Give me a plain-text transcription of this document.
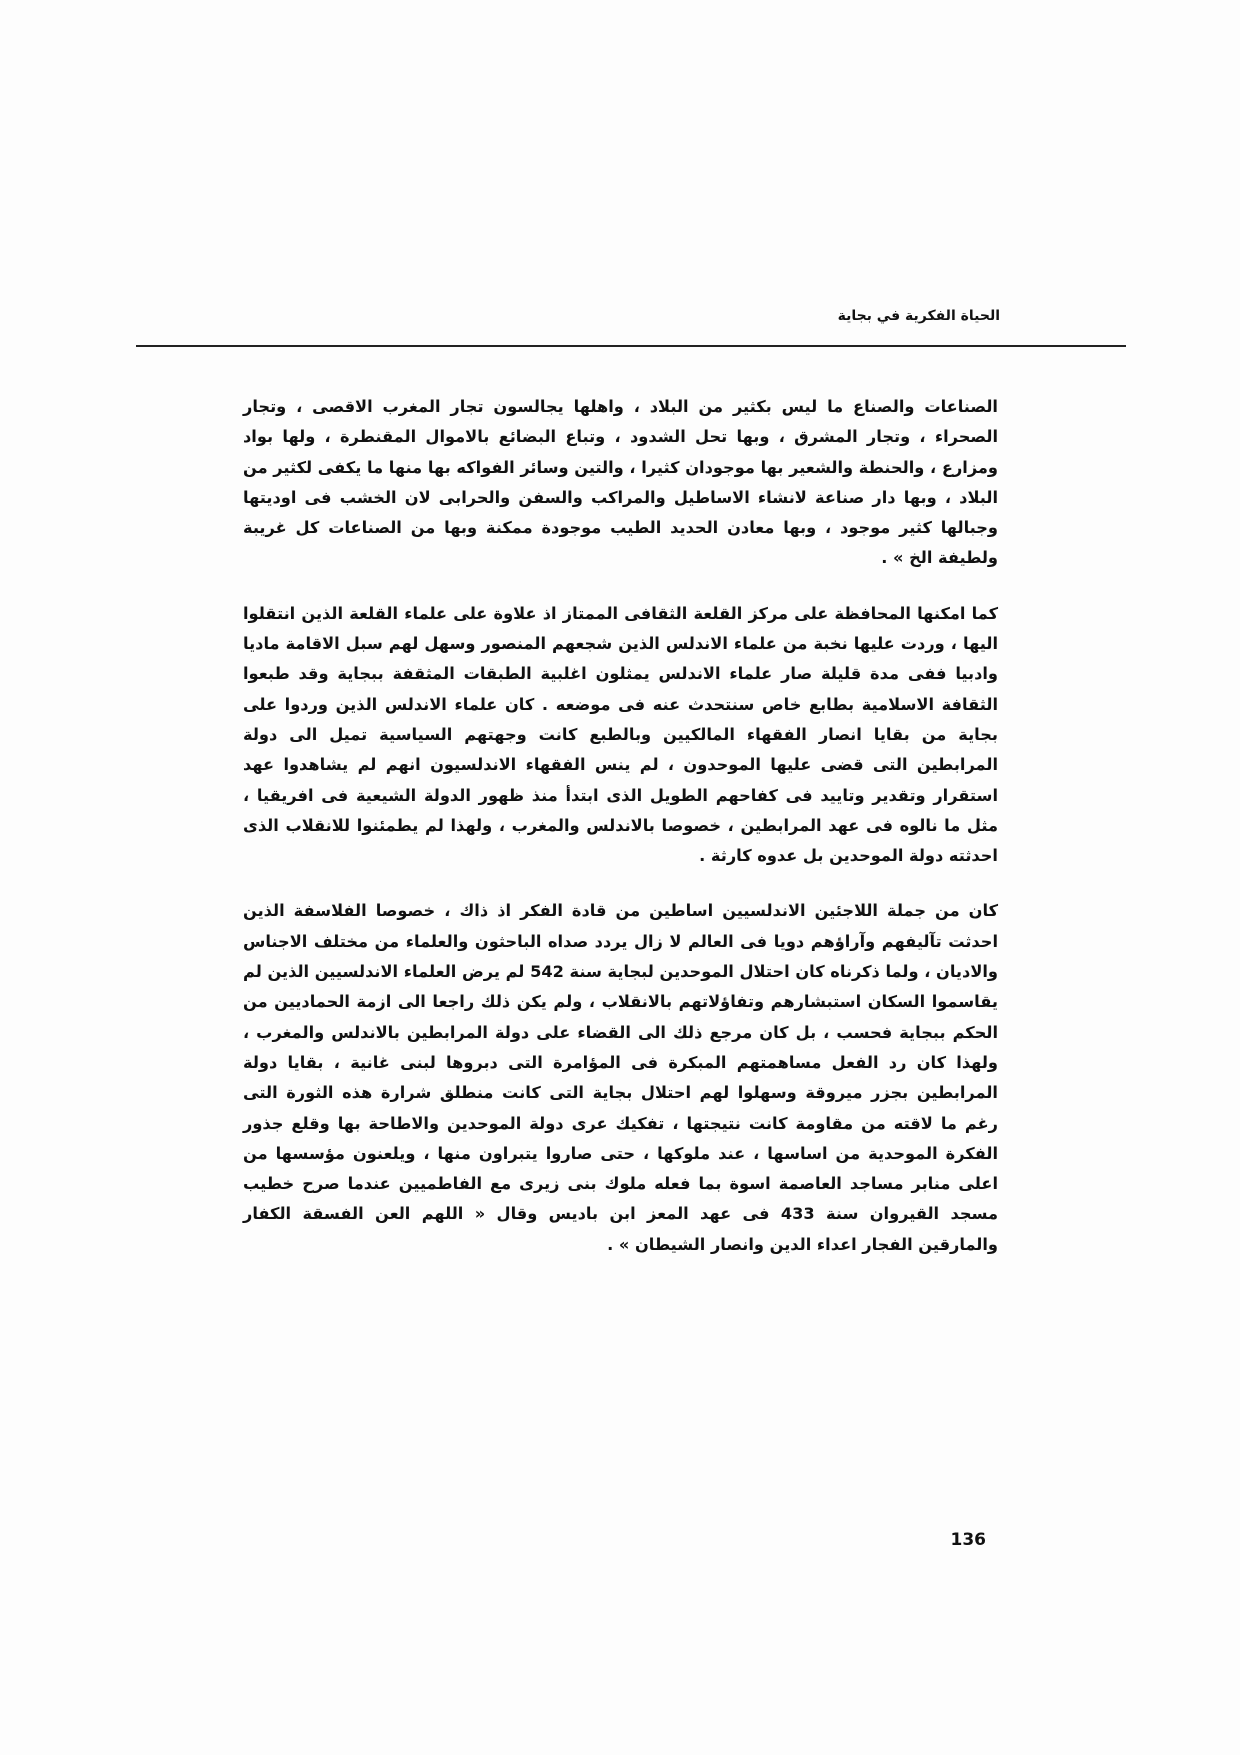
الحياة الفكرية في بجاية

الصناعات والصناع ما ليس بكثير من البلاد ، واهلها يجالسون تجار المغرب الاقصى ، وتجار الصحراء ، وتجار المشرق ، وبها تحل الشدود ، وتباع البضائع بالاموال المقنطرة ، ولها بواد ومزارع ، والحنطة والشعير بها موجودان كثيرا ، والتين وسائر الفواكه بها منها ما يكفى لكثير من البلاد ، وبها دار صناعة لانشاء الاساطيل والمراكب والسفن والحرابى لان الخشب فى اوديتها وجبالها كثير موجود ، وبها معادن الحديد الطيب موجودة ممكنة وبها من الصناعات كل غريبة ولطيفة الخ » .

كما امكنها المحافظة على مركز القلعة الثقافى الممتاز اذ علاوة على علماء القلعة الذين انتقلوا اليها ، وردت عليها نخبة من علماء الاندلس الذين شجعهم المنصور وسهل لهم سبل الاقامة ماديا وادبيا ففى مدة قليلة صار علماء الاندلس يمثلون اغلبية الطبقات المثقفة ببجاية وقد طبعوا الثقافة الاسلامية بطابع خاص سنتحدث عنه فى موضعه . كان علماء الاندلس الذين وردوا على بجاية من بقايا انصار الفقهاء المالكيين وبالطبع كانت وجهتهم السياسية تميل الى دولة المرابطين التى قضى عليها الموحدون ، لم ينس الفقهاء الاندلسيون انهم لم يشاهدوا عهد استقرار وتقدير وتاييد فى كفاحهم الطويل الذى ابتدأ منذ ظهور الدولة الشيعية فى افريقيا ، مثل ما نالوه فى عهد المرابطين ، خصوصا بالاندلس والمغرب ، ولهذا لم يطمئنوا للانقلاب الذى احدثته دولة الموحدين بل عدوه كارثة .

كان من جملة اللاجئين الاندلسيين اساطين من قادة الفكر اذ ذاك ، خصوصا الفلاسفة الذين احدثت تآليفهم وآراؤهم دويا فى العالم لا زال يردد صداه الباحثون والعلماء من مختلف الاجناس والاديان ، ولما ذكرناه كان احتلال الموحدين لبجاية سنة 542 لم يرض العلماء الاندلسيين الذين لم يقاسموا السكان استبشارهم وتفاؤلاتهم بالانقلاب ، ولم يكن ذلك راجعا الى ازمة الحماديين من الحكم ببجاية فحسب ، بل كان مرجع ذلك الى القضاء على دولة المرابطين بالاندلس والمغرب ، ولهذا كان رد الفعل مساهمتهم المبكرة فى المؤامرة التى دبروها لبنى غانية ، بقايا دولة المرابطين بجزر ميروقة وسهلوا لهم احتلال بجاية التى كانت منطلق شرارة هذه الثورة التى رغم ما لاقته من مقاومة كانت نتيجتها ، تفكيك عرى دولة الموحدين والاطاحة بها وقلع جذور الفكرة الموحدية من اساسها ، عند ملوكها ، حتى صاروا يتبراون منها ، ويلعنون مؤسسها من اعلى منابر مساجد العاصمة اسوة بما فعله ملوك بنى زيرى مع الفاطميين عندما صرح خطيب مسجد القيروان سنة 433 فى عهد المعز ابن باديس وقال « اللهم العن الفسقة الكفار والمارقين الفجار اعداء الدين وانصار الشيطان » .

136
